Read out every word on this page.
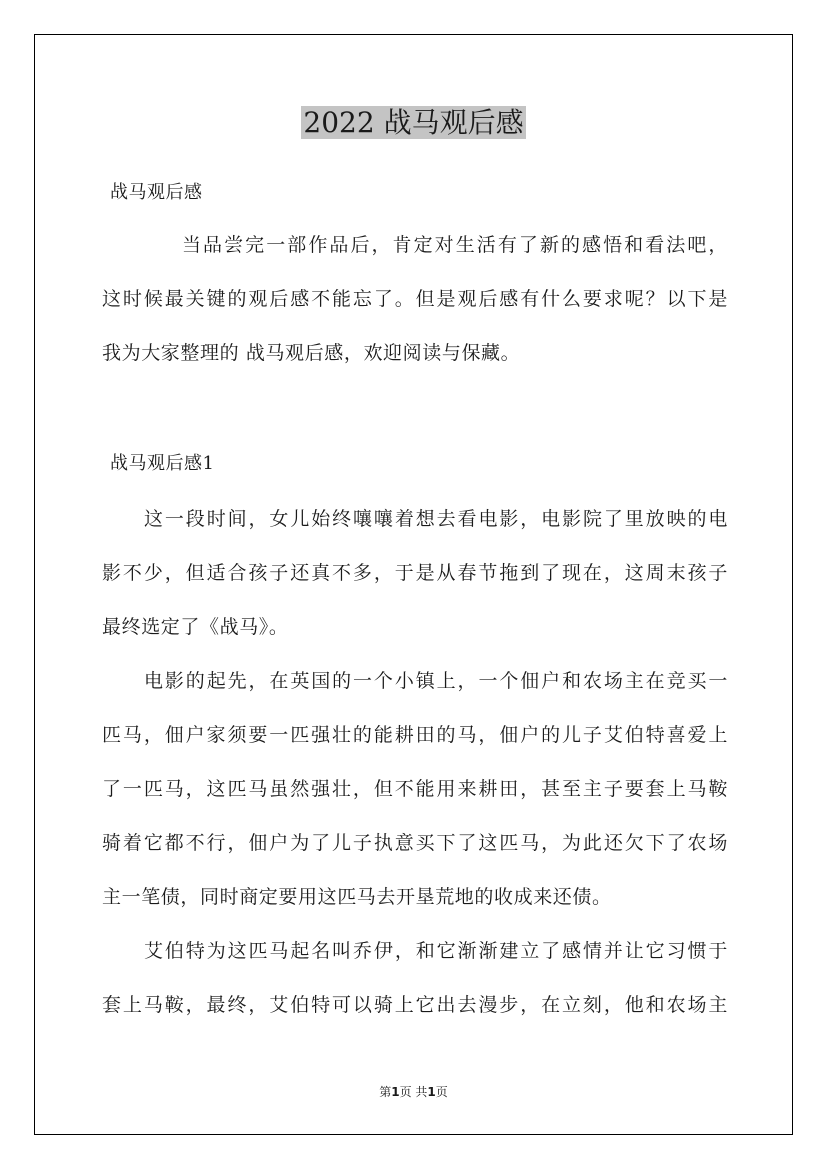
2022 战马观后感
战马观后感
当品尝完一部作品后，肯定对生活有了新的感悟和看法吧，
这时候最关键的观后感不能忘了。但是观后感有什么要求呢？以下是
我为大家整理的 战马观后感，欢迎阅读与保藏。
战马观后感1
这一段时间，女儿始终嚷嚷着想去看电影，电影院了里放映的电
影不少，但适合孩子还真不多，于是从春节拖到了现在，这周末孩子
最终选定了《战马》。
电影的起先，在英国的一个小镇上，一个佃户和农场主在竞买一
匹马，佃户家须要一匹强壮的能耕田的马，佃户的儿子艾伯特喜爱上
了一匹马，这匹马虽然强壮，但不能用来耕田，甚至主子要套上马鞍
骑着它都不行，佃户为了儿子执意买下了这匹马，为此还欠下了农场
主一笔债，同时商定要用这匹马去开垦荒地的收成来还债。
艾伯特为这匹马起名叫乔伊，和它渐渐建立了感情并让它习惯于
套上马鞍，最终，艾伯特可以骑上它出去漫步，在立刻，他和农场主
第1页 共1页
